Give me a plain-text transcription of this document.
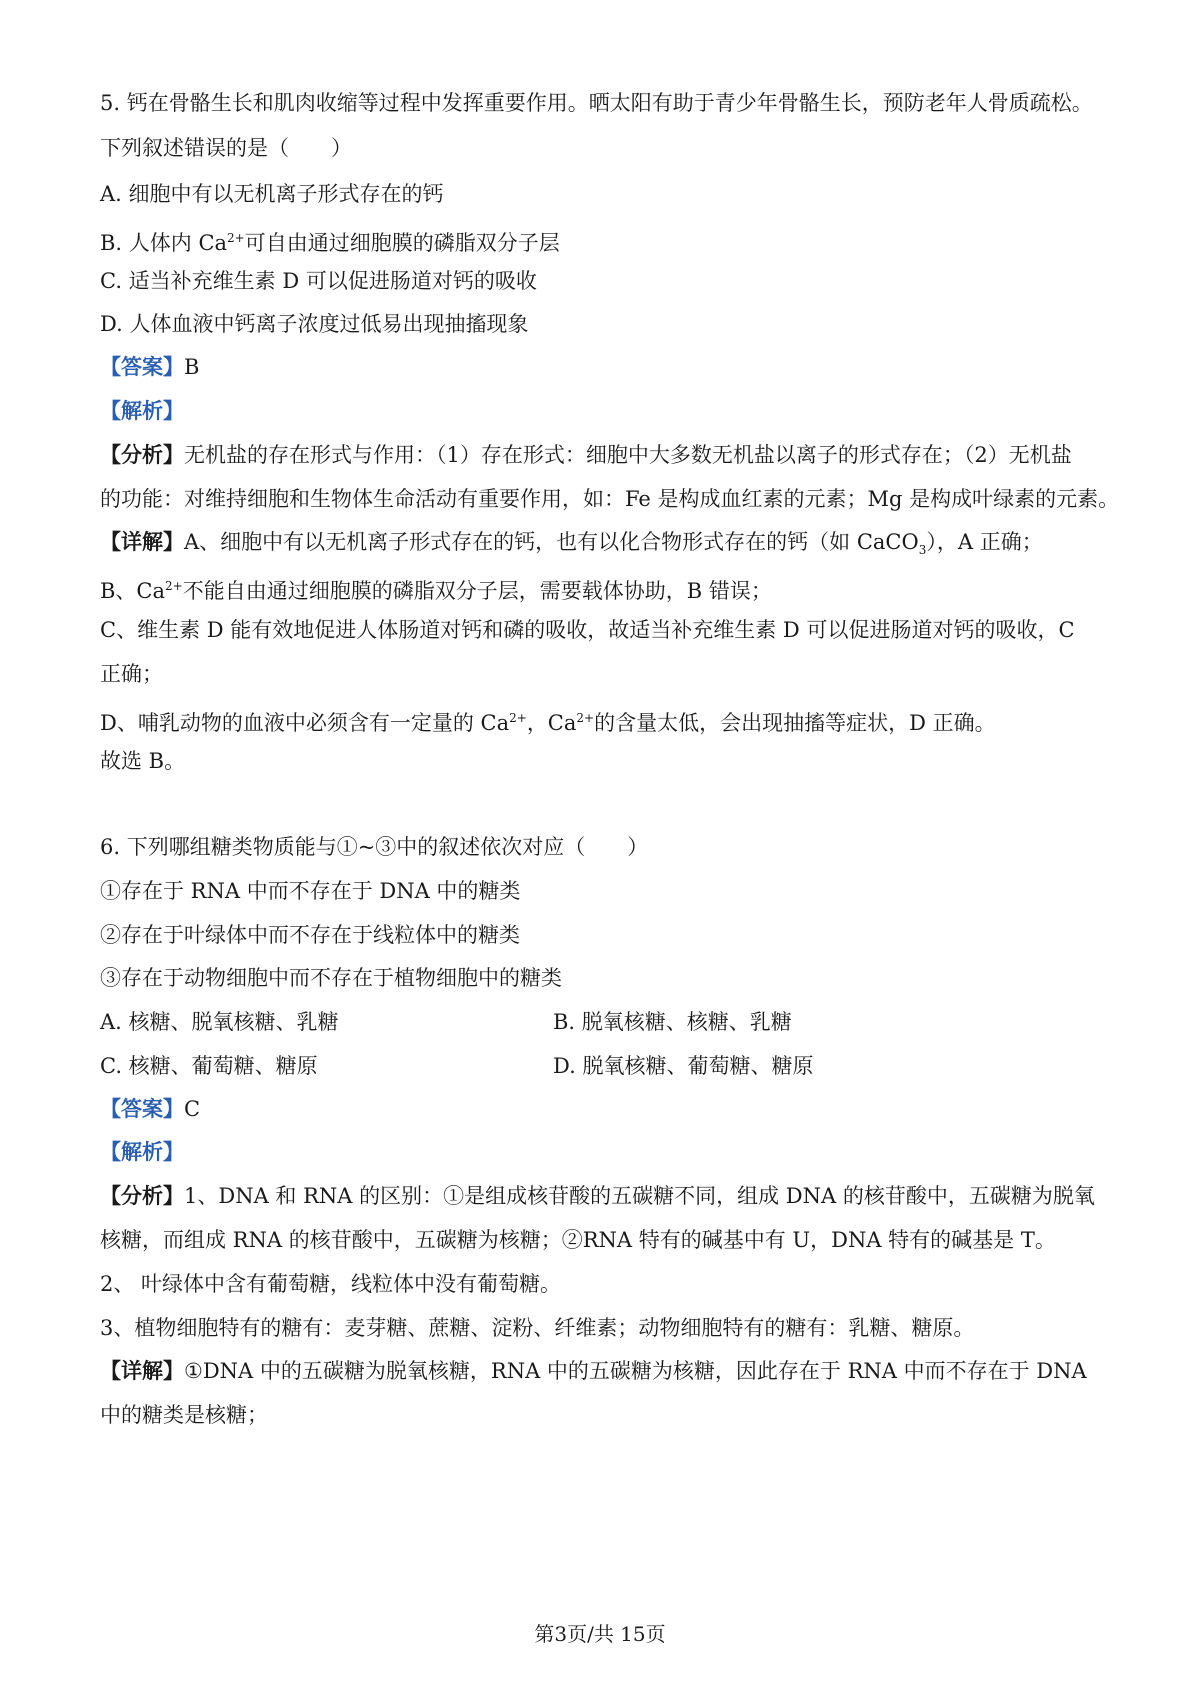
5. 钙在骨骼生长和肌肉收缩等过程中发挥重要作用。晒太阳有助于青少年骨骼生长，预防老年人骨质疏松。
下列叙述错误的是（　　）
A. 细胞中有以无机离子形式存在的钙
B. 人体内 $Ca^{2+}$可自由通过细胞膜的磷脂双分子层
C. 适当补充维生素 D 可以促进肠道对钙的吸收
D. 人体血液中钙离子浓度过低易出现抽搐现象
【答案】B
【解析】
【分析】无机盐的存在形式与作用：（1）存在形式：细胞中大多数无机盐以离子的形式存在；（2）无机盐
的功能：对维持细胞和生物体生命活动有重要作用，如：Fe 是构成血红素的元素；Mg 是构成叶绿素的元素。
【详解】A、细胞中有以无机离子形式存在的钙，也有以化合物形式存在的钙（如 CaCO$_3$），A 正确；
B、$Ca^{2+}$不能自由通过细胞膜的磷脂双分子层，需要载体协助，B 错误；
C、维生素 D 能有效地促进人体肠道对钙和磷的吸收，故适当补充维生素 D 可以促进肠道对钙的吸收，C
正确；
D、哺乳动物的血液中必须含有一定量的 $Ca^{2+}$，$Ca^{2+}$的含量太低，会出现抽搐等症状，D 正确。
故选 B。
6. 下列哪组糖类物质能与①~③中的叙述依次对应（　　）
①存在于 RNA 中而不存在于 DNA 中的糖类
②存在于叶绿体中而不存在于线粒体中的糖类
③存在于动物细胞中而不存在于植物细胞中的糖类
A. 核糖、脱氧核糖、乳糖	B. 脱氧核糖、核糖、乳糖
C. 核糖、葡萄糖、糖原	D. 脱氧核糖、葡萄糖、糖原
【答案】C
【解析】
【分析】1、DNA 和 RNA 的区别：①是组成核苷酸的五碳糖不同，组成 DNA 的核苷酸中，五碳糖为脱氧
核糖，而组成 RNA 的核苷酸中，五碳糖为核糖；②RNA 特有的碱基中有 U，DNA 特有的碱基是 T。
2、 叶绿体中含有葡萄糖，线粒体中没有葡萄糖。
3、植物细胞特有的糖有：麦芽糖、蔗糖、淀粉、纤维素；动物细胞特有的糖有：乳糖、糖原。
【详解】①DNA 中的五碳糖为脱氧核糖，RNA 中的五碳糖为核糖，因此存在于 RNA 中而不存在于 DNA
中的糖类是核糖；
第3页/共 15页
